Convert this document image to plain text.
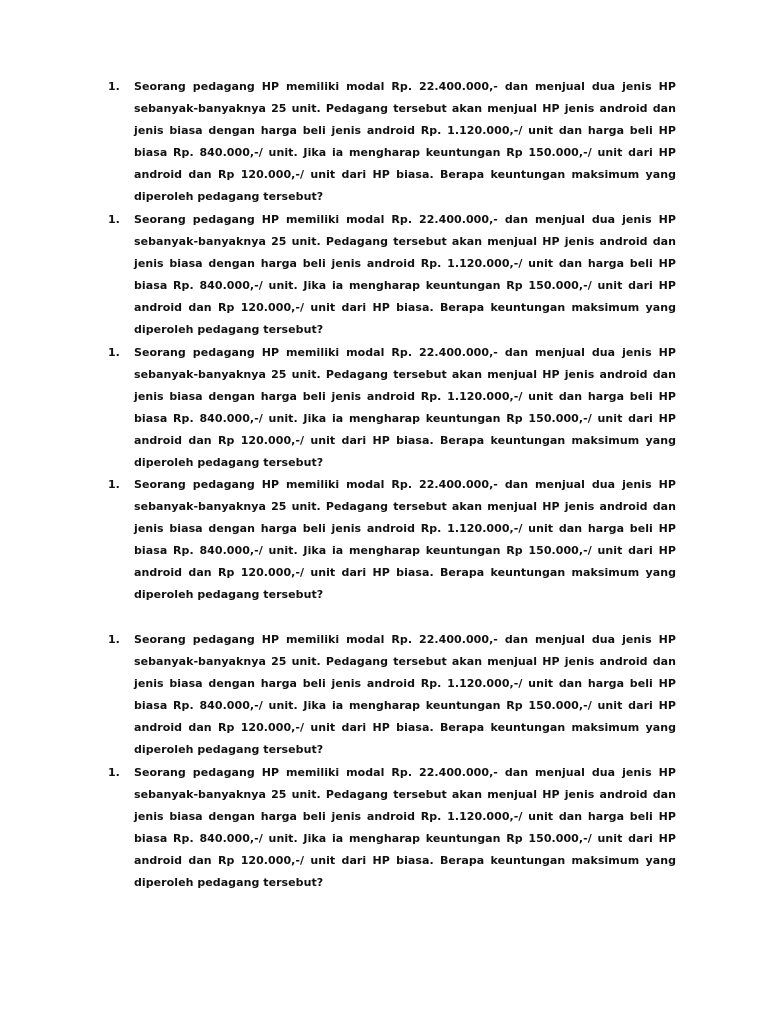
1.	Seorang pedagang HP memiliki modal Rp. 22.400.000,- dan menjual dua jenis HP sebanyak-banyaknya 25 unit. Pedagang tersebut akan menjual HP jenis android dan jenis biasa dengan harga beli jenis android Rp. 1.120.000,-/ unit dan harga beli HP biasa Rp. 840.000,-/ unit. Jika ia mengharap keuntungan Rp 150.000,-/ unit dari HP android dan Rp 120.000,-/ unit dari HP biasa. Berapa keuntungan maksimum yang diperoleh pedagang tersebut?
1.	Seorang pedagang HP memiliki modal Rp. 22.400.000,- dan menjual dua jenis HP sebanyak-banyaknya 25 unit. Pedagang tersebut akan menjual HP jenis android dan jenis biasa dengan harga beli jenis android Rp. 1.120.000,-/ unit dan harga beli HP biasa Rp. 840.000,-/ unit. Jika ia mengharap keuntungan Rp 150.000,-/ unit dari HP android dan Rp 120.000,-/ unit dari HP biasa. Berapa keuntungan maksimum yang diperoleh pedagang tersebut?
1.	Seorang pedagang HP memiliki modal Rp. 22.400.000,- dan menjual dua jenis HP sebanyak-banyaknya 25 unit. Pedagang tersebut akan menjual HP jenis android dan jenis biasa dengan harga beli jenis android Rp. 1.120.000,-/ unit dan harga beli HP biasa Rp. 840.000,-/ unit. Jika ia mengharap keuntungan Rp 150.000,-/ unit dari HP android dan Rp 120.000,-/ unit dari HP biasa. Berapa keuntungan maksimum yang diperoleh pedagang tersebut?
1.	Seorang pedagang HP memiliki modal Rp. 22.400.000,- dan menjual dua jenis HP sebanyak-banyaknya 25 unit. Pedagang tersebut akan menjual HP jenis android dan jenis biasa dengan harga beli jenis android Rp. 1.120.000,-/ unit dan harga beli HP biasa Rp. 840.000,-/ unit. Jika ia mengharap keuntungan Rp 150.000,-/ unit dari HP android dan Rp 120.000,-/ unit dari HP biasa. Berapa keuntungan maksimum yang diperoleh pedagang tersebut?
1.	Seorang pedagang HP memiliki modal Rp. 22.400.000,- dan menjual dua jenis HP sebanyak-banyaknya 25 unit. Pedagang tersebut akan menjual HP jenis android dan jenis biasa dengan harga beli jenis android Rp. 1.120.000,-/ unit dan harga beli HP biasa Rp. 840.000,-/ unit. Jika ia mengharap keuntungan Rp 150.000,-/ unit dari HP android dan Rp 120.000,-/ unit dari HP biasa. Berapa keuntungan maksimum yang diperoleh pedagang tersebut?
1.	Seorang pedagang HP memiliki modal Rp. 22.400.000,- dan menjual dua jenis HP sebanyak-banyaknya 25 unit. Pedagang tersebut akan menjual HP jenis android dan jenis biasa dengan harga beli jenis android Rp. 1.120.000,-/ unit dan harga beli HP biasa Rp. 840.000,-/ unit. Jika ia mengharap keuntungan Rp 150.000,-/ unit dari HP android dan Rp 120.000,-/ unit dari HP biasa. Berapa keuntungan maksimum yang diperoleh pedagang tersebut?
